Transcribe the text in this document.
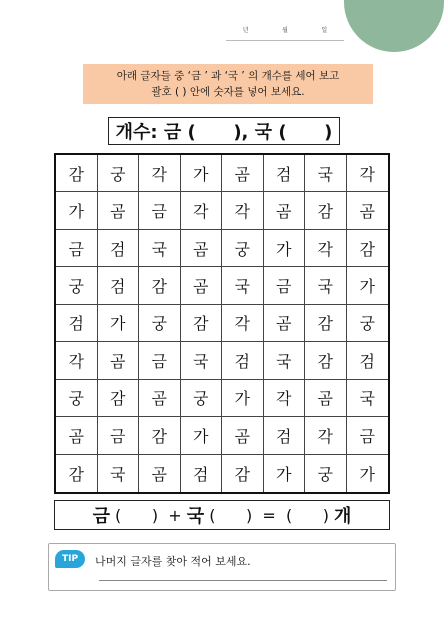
년	월	일
아래 글자들 중 ‘금 ’ 과 ‘국 ’ 의 개수를 세어 보고
괄호 ( ) 안에 숫자를 넣어 보세요.
개수: 금 (      ), 국 (      )
감	궁	각	가	곰	검	국	각
가	곰	금	각	각	곰	감	곰
금	검	국	곰	궁	가	각	감
궁	검	감	곰	국	금	국	가
검	가	궁	감	각	곰	감	궁
각	곰	금	국	검	국	감	검
궁	감	곰	궁	가	각	곰	국
곰	금	감	가	곰	검	각	금
감	국	곰	검	감	가	궁	가
금 (      )  + 국 (      )  =  (      ) 개
TIP	나머지 글자를 찾아 적어 보세요.
